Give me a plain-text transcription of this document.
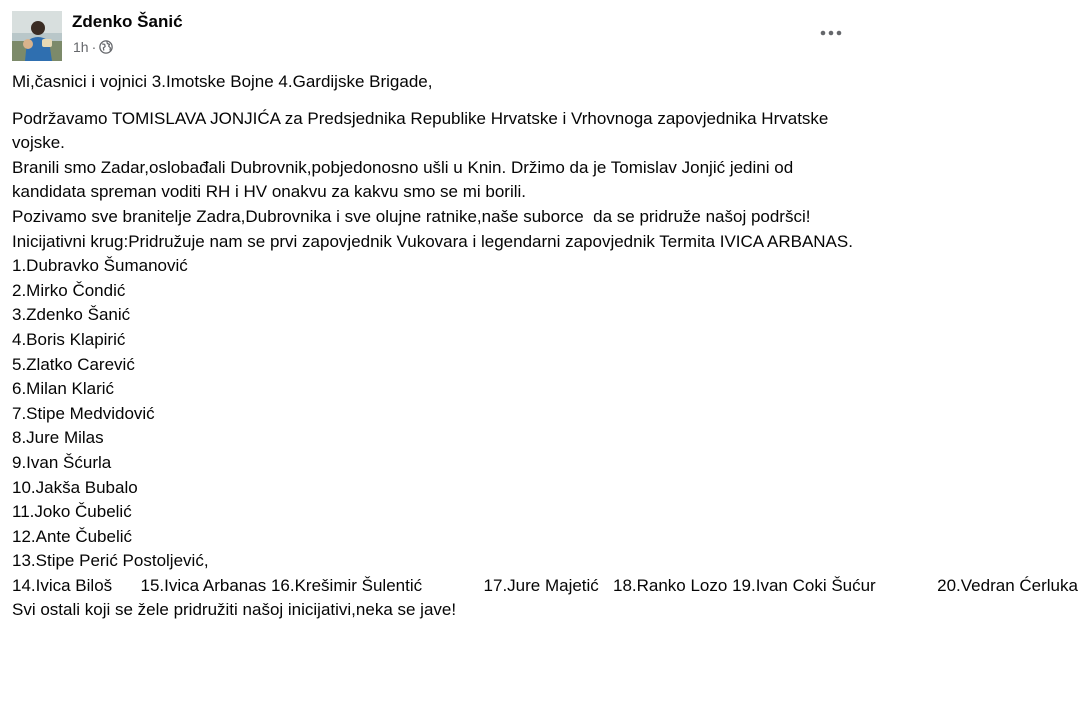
Zdenko Šanić
1h ·

Mi,časnici i vojnici 3.Imotske Bojne 4.Gardijske Brigade,

Podržavamo TOMISLAVA JONJIĆA za Predsjednika Republike Hrvatske i Vrhovnoga zapovjednika Hrvatske vojske.

Branili smo Zadar,oslobađali Dubrovnik,pobjedonosno ušli u Knin. Držimo da je Tomislav Jonjić jedini od kandidata spreman voditi RH i HV onakvu za kakvu smo se mi borili.

Pozivamo sve branitelje Zadra,Dubrovnika i sve olujne ratnike,naše suborce  da se pridruže našoj podršci!

Inicijativni krug:Pridružuje nam se prvi zapovjednik Vukovara i legendarni zapovjednik Termita IVICA ARBANAS.

1.Dubravko Šumanović

2.Mirko Čondić

3.Zdenko Šanić

4.Boris Klapirić

5.Zlatko Carević

6.Milan Klarić

7.Stipe Medvidović

8.Jure Milas

9.Ivan Šćurla

10.Jakša Bubalo

11.Joko Čubelić

12.Ante Čubelić

13.Stipe Perić Postoljević,

14.Ivica Biloš 15.Ivica Arbanas 16.Krešimir Šulentić	17.Jure Majetić 18.Ranko Lozo 19.Ivan Coki Šućur	20.Vedran Ćerluka

Svi ostali koji se žele pridružiti našoj inicijativi,neka se jave!
